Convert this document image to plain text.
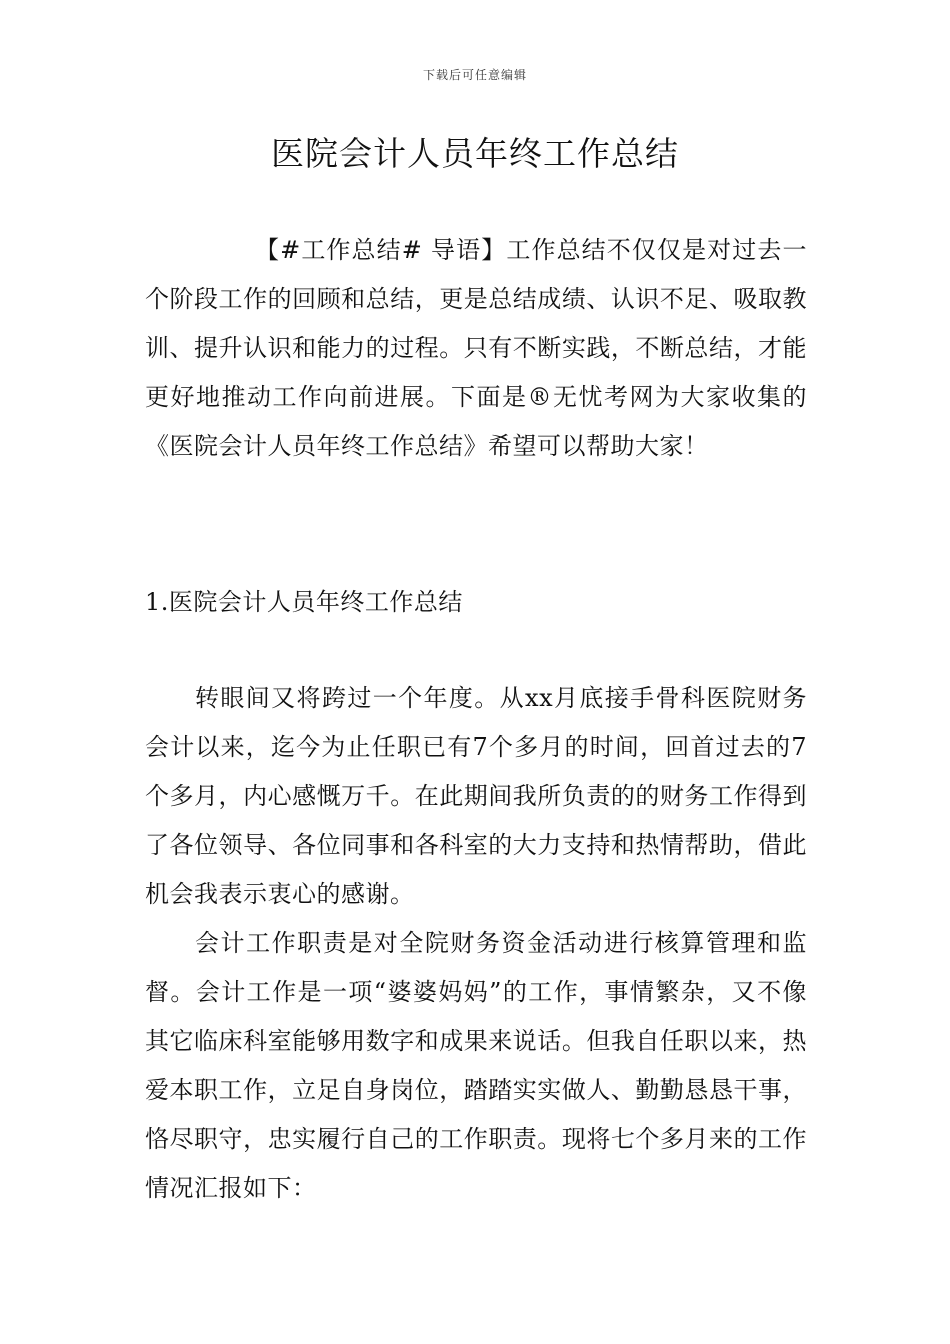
下载后可任意编辑
医院会计人员年终工作总结

【#工作总结# 导语】工作总结不仅仅是对过去一个阶段工作的回顾和总结，更是总结成绩、认识不足、吸取教训、提升认识和能力的过程。只有不断实践，不断总结，才能更好地推动工作向前进展。下面是®无忧考网为大家收集的《医院会计人员年终工作总结》希望可以帮助大家！

1.医院会计人员年终工作总结

转眼间又将跨过一个年度。从xx月底接手骨科医院财务会计以来，迄今为止任职已有7个多月的时间，回首过去的7个多月，内心感慨万千。在此期间我所负责的的财务工作得到了各位领导、各位同事和各科室的大力支持和热情帮助，借此机会我表示衷心的感谢。

会计工作职责是对全院财务资金活动进行核算管理和监督。会计工作是一项“婆婆妈妈”的工作，事情繁杂，又不像其它临床科室能够用数字和成果来说话。但我自任职以来，热爱本职工作，立足自身岗位，踏踏实实做人、勤勤恳恳干事，恪尽职守，忠实履行自己的工作职责。现将七个多月来的工作情况汇报如下：
